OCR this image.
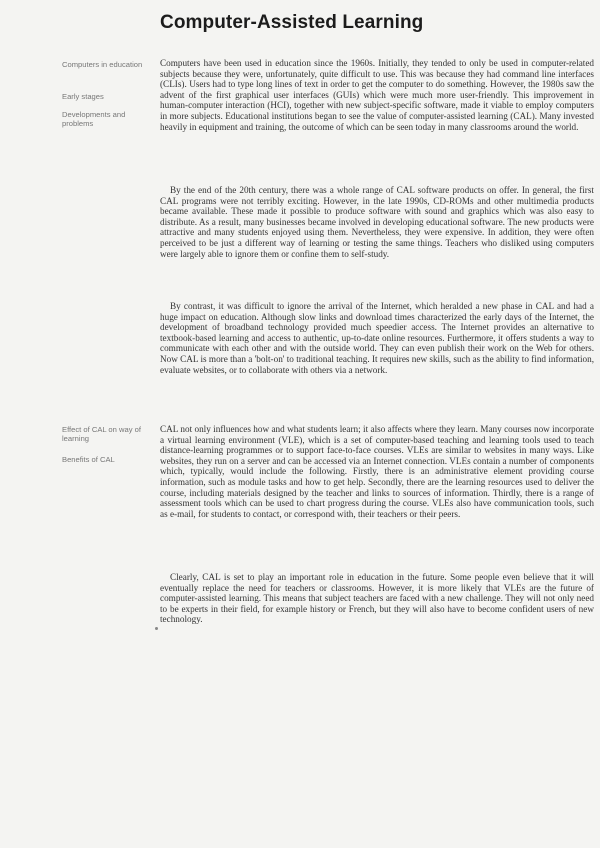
Computer-Assisted Learning
Computers in education
Early stages
Developments and problems
Effect of CAL on way of learning
Benefits of CAL

Computers have been used in education since the 1960s. Initially, they tended to only be used in computer-related subjects because they were, unfortunately, quite difficult to use. This was because they had command line interfaces (CLIs). Users had to type long lines of text in order to get the computer to do something. However, the 1980s saw the advent of the first graphical user interfaces (GUIs) which were much more user-friendly. This improvement in human-computer interaction (HCI), together with new subject-specific software, made it viable to employ computers in more subjects. Educational institutions began to see the value of computer-assisted learning (CAL). Many invested heavily in equipment and training, the outcome of which can be seen today in many classrooms around the world.

By the end of the 20th century, there was a whole range of CAL software products on offer. In general, the first CAL programs were not terribly exciting. However, in the late 1990s, CD-ROMs and other multimedia products became available. These made it possible to produce software with sound and graphics which was also easy to distribute. As a result, many businesses became involved in developing educational software. The new products were attractive and many students enjoyed using them. Nevertheless, they were expensive. In addition, they were often perceived to be just a different way of learning or testing the same things. Teachers who disliked using computers were largely able to ignore them or confine them to self-study.

By contrast, it was difficult to ignore the arrival of the Internet, which heralded a new phase in CAL and had a huge impact on education. Although slow links and download times characterized the early days of the Internet, the development of broadband technology provided much speedier access. The Internet provides an alternative to textbook-based learning and access to authentic, up-to-date online resources. Furthermore, it offers students a way to communicate with each other and with the outside world. They can even publish their work on the Web for others. Now CAL is more than a 'bolt-on' to traditional teaching. It requires new skills, such as the ability to find information, evaluate websites, or to collaborate with others via a network.

CAL not only influences how and what students learn; it also affects where they learn. Many courses now incorporate a virtual learning environment (VLE), which is a set of computer-based teaching and learning tools used to teach distance-learning programmes or to support face-to-face courses. VLEs are similar to websites in many ways. Like websites, they run on a server and can be accessed via an Internet connection. VLEs contain a number of components which, typically, would include the following. Firstly, there is an administrative element providing course information, such as module tasks and how to get help. Secondly, there are the learning resources used to deliver the course, including materials designed by the teacher and links to sources of information. Thirdly, there is a range of assessment tools which can be used to chart progress during the course. VLEs also have communication tools, such as e-mail, for students to contact, or correspond with, their teachers or their peers.

Clearly, CAL is set to play an important role in education in the future. Some people even believe that it will eventually replace the need for teachers or classrooms. However, it is more likely that VLEs are the future of computer-assisted learning. This means that subject teachers are faced with a new challenge. They will not only need to be experts in their field, for example history or French, but they will also have to become confident users of new technology.
